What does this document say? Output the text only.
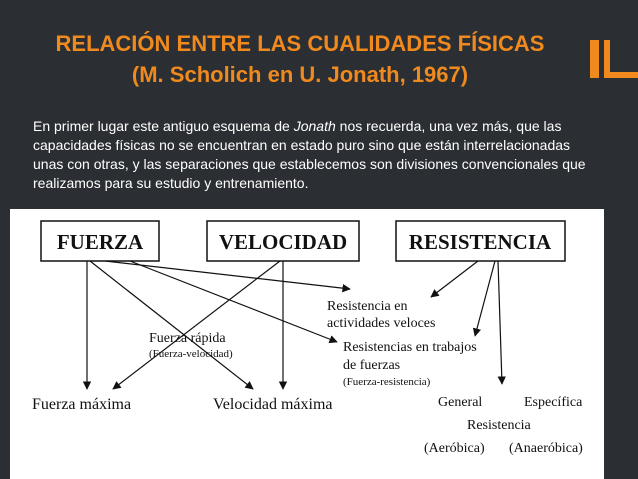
RELACIÓN ENTRE LAS CUALIDADES FÍSICAS
(M. Scholich en U. Jonath, 1967)
En primer lugar este antiguo esquema de Jonath nos recuerda, una vez más, que las capacidades físicas no se encuentran en estado puro sino que están interrelacionadas unas con otras, y las separaciones que establecemos son divisiones convencionales que realizamos para su estudio y entrenamiento.
FUERZA	VELOCIDAD	RESISTENCIA
Resistencia en
actividades veloces
Fuerza rápida
(Fuerza-velocidad)	Resistencias en trabajos
de fuerzas
(Fuerza-resistencia)
Fuerza máxima	Velocidad máxima	General	Específica
Resistencia
(Aeróbica) (Anaeróbica)
